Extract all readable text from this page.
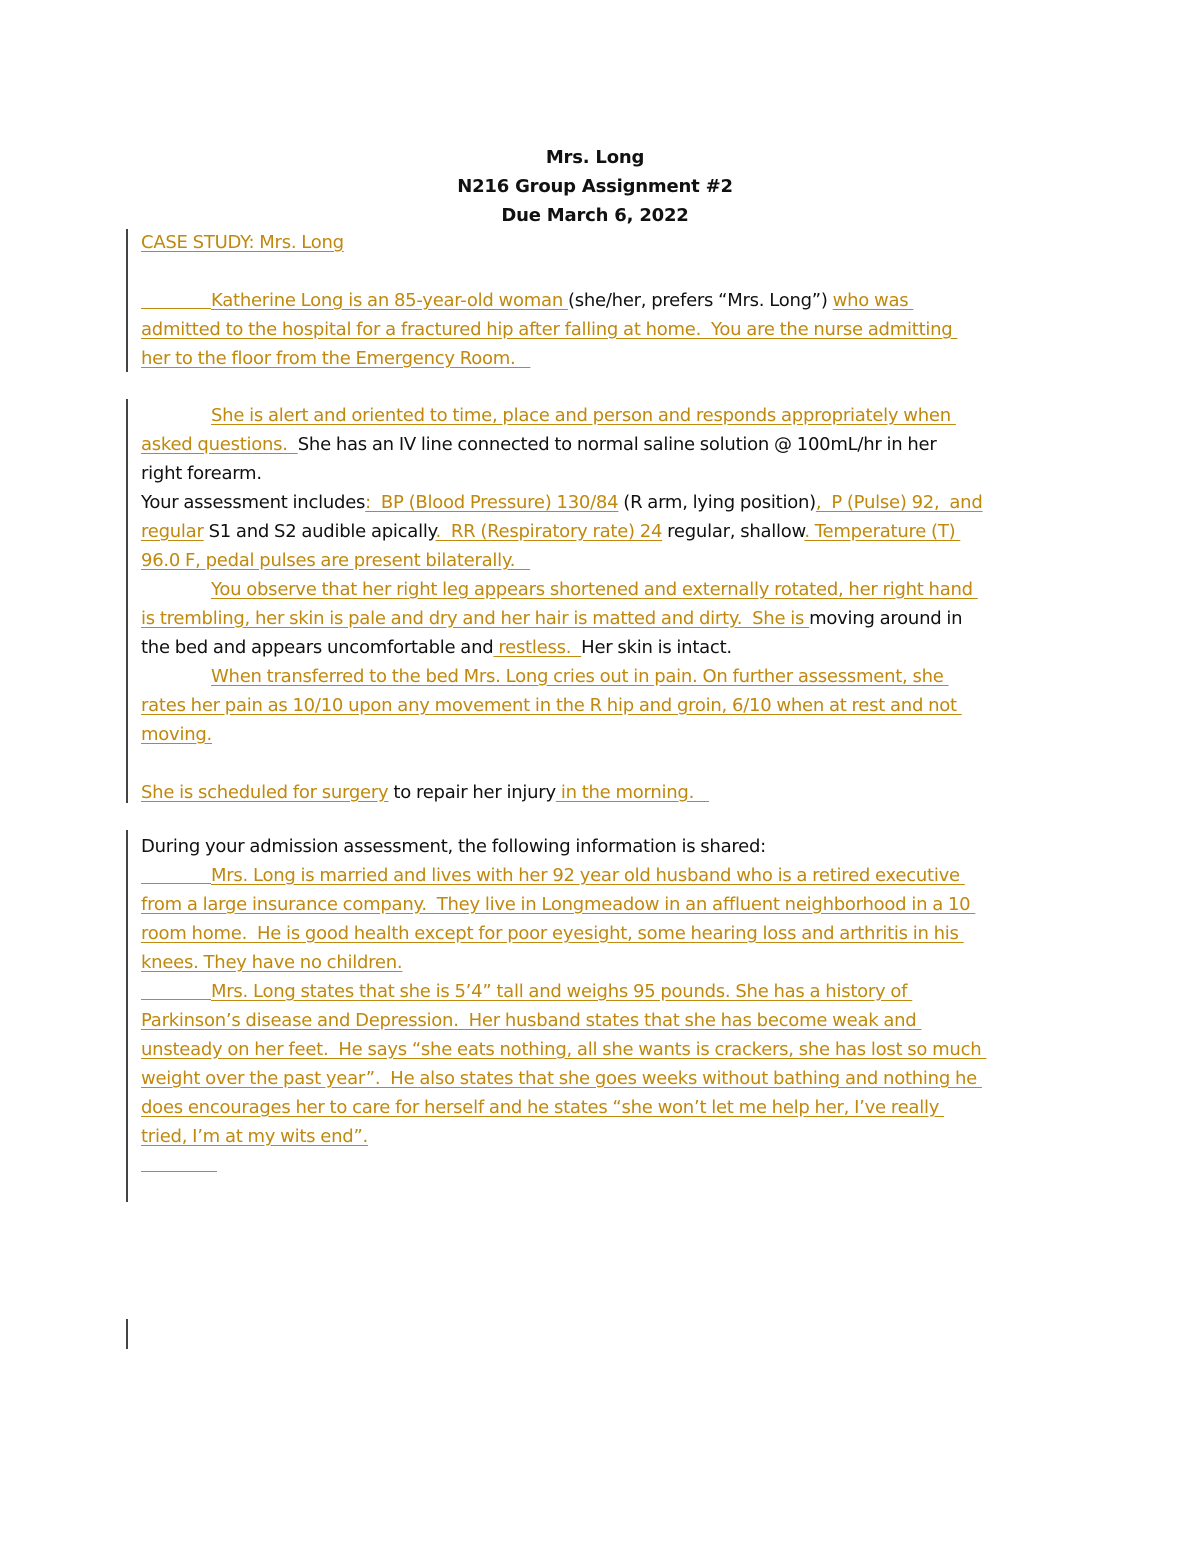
Mrs. Long
N216 Group Assignment #2
Due March 6, 2022
CASE STUDY: Mrs. Long
Katherine Long is an 85-year-old woman (she/her, prefers “Mrs. Long”) who was
admitted to the hospital for a fractured hip after falling at home.  You are the nurse admitting
her to the floor from the Emergency Room.
She is alert and oriented to time, place and person and responds appropriately when
asked questions.  She has an IV line connected to normal saline solution @ 100mL/hr in her
right forearm.
Your assessment includes:  BP (Blood Pressure) 130/84 (R arm, lying position),  P (Pulse) 92,  and
regular S1 and S2 audible apically.  RR (Respiratory rate) 24 regular, shallow. Temperature (T)
96.0 F, pedal pulses are present bilaterally.
You observe that her right leg appears shortened and externally rotated, her right hand
is trembling, her skin is pale and dry and her hair is matted and dirty.  She is moving around in
the bed and appears uncomfortable and restless.  Her skin is intact.
When transferred to the bed Mrs. Long cries out in pain. On further assessment, she
rates her pain as 10/10 upon any movement in the R hip and groin, 6/10 when at rest and not
moving.
She is scheduled for surgery to repair her injury in the morning.
During your admission assessment, the following information is shared:
Mrs. Long is married and lives with her 92 year old husband who is a retired executive
from a large insurance company.  They live in Longmeadow in an affluent neighborhood in a 10
room home.  He is good health except for poor eyesight, some hearing loss and arthritis in his
knees. They have no children.
Mrs. Long states that she is 5’4” tall and weighs 95 pounds. She has a history of
Parkinson’s disease and Depression.  Her husband states that she has become weak and
unsteady on her feet.  He says “she eats nothing, all she wants is crackers, she has lost so much
weight over the past year”.  He also states that she goes weeks without bathing and nothing he
does encourages her to care for herself and he states “she won’t let me help her, I’ve really
tried, I’m at my wits end”.
